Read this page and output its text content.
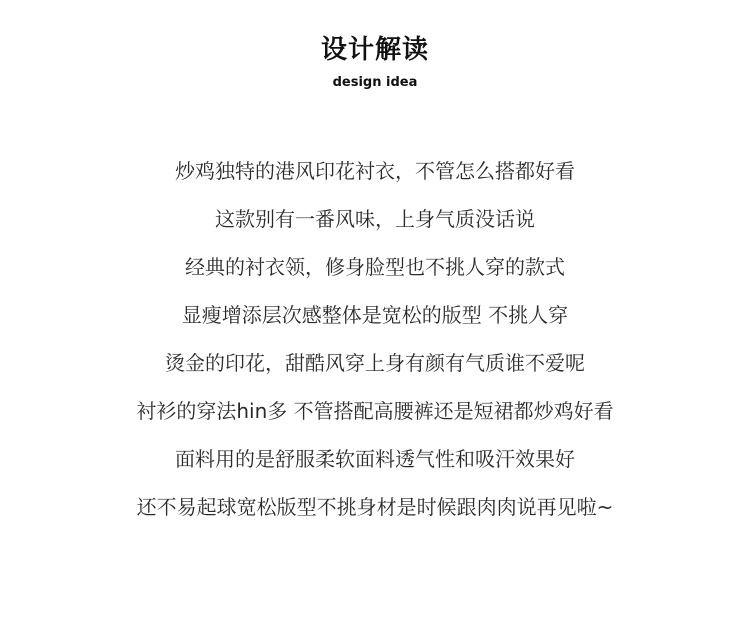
设计解读
design idea
炒鸡独特的港风印花衬衣，不管怎么搭都好看
这款别有一番风味，上身气质没话说
经典的衬衣领，修身脸型也不挑人穿的款式
显瘦增添层次感整体是宽松的版型 不挑人穿
烫金的印花，甜酷风穿上身有颜有气质谁不爱呢
衬衫的穿法hin多 不管搭配高腰裤还是短裙都炒鸡好看
面料用的是舒服柔软面料透气性和吸汗效果好
还不易起球宽松版型不挑身材是时候跟肉肉说再见啦~
